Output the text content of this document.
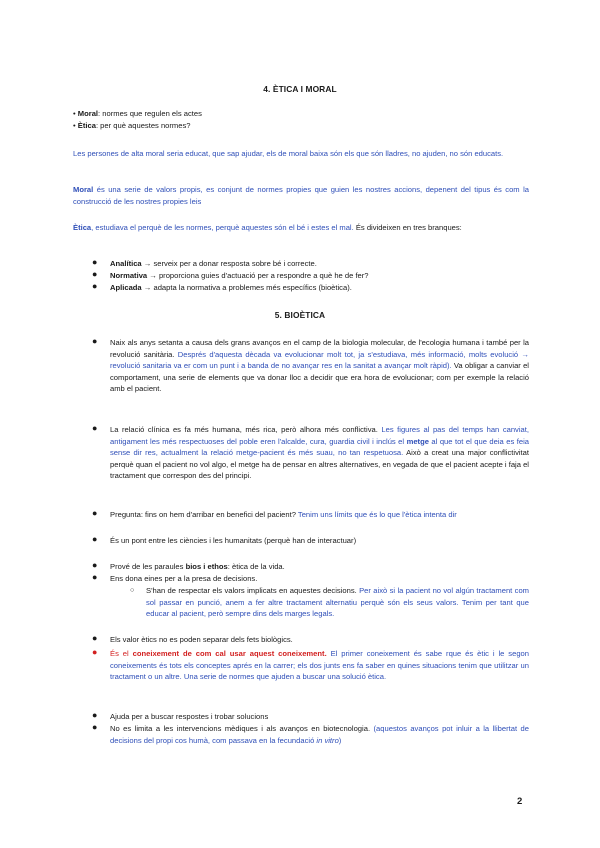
4. ÈTICA I MORAL
• Moral: normes que regulen els actes
• Ètica: per què aquestes normes?

Les persones de alta moral seria educat, que sap ajudar, els de moral baixa són els que són lladres, no ajuden, no són educats.

Moral és una serie de valors propis, es conjunt de normes propies que guien les nostres accions, depenent del tipus és com la construcció de les nostres propies leis

Ètica, estudiava el perquè de les normes, perquè aquestes són el bé i estes el mal. És divideixen en tres branques:

● Analítica → serveix per a donar resposta sobre bé i correcte.
● Normativa → proporciona guies d'actuació per a respondre a què he de fer?
● Aplicada → adapta la normativa a problemes més específics (bioètica).
5. BIOÈTICA
● Naix als anys setanta a causa dels grans avanços en el camp de la biologia molecular, de l'ecologia humana i també per la revolució sanitària. Després d'aquesta dècada va evolucionar molt tot, ja s'estudiava, més informació, molts evolució → revolució sanitaria va er com un punt i a banda de no avançar res en la sanitat a avançar molt ràpid). Va obligar a canviar el comportament, una serie de elements que va donar lloc a decidir que era hora de evolucionar; com per exemple la relació amb el pacient.

● La relació clínica es fa més humana, més rica, però alhora més conflictiva. Les figures al pas del temps han canviat, antigament les més respectuoses del poble eren l'alcalde, cura, guardia civil i inclús el metge al que tot el que deia es feia sense dir res, actualment la relació metge-pacient és més suau, no tan respetuosa. Això a creat una major conflictivitat perquè quan el pacient no vol algo, el metge ha de pensar en altres alternatives, en vegada de que el pacient acepte i faja el tractament que correspon des del principi.

● Pregunta: fins on hem d'arribar en benefici del pacient? Tenim uns límits que és lo que l'ètica intenta dir
● És un pont entre les ciències i les humanitats (perquè han de interactuar)
● Prové de les paraules bios i ethos: ètica de la vida.
● Ens dona eines per a la presa de decisions.
○ S'han de respectar els valors implicats en aquestes decisions. Per això si la pacient no vol algún tractament com sol passar en punció, anem a fer altre tractament alternatiu perquè són els seus valors. Tenim per tant que educar al pacient, però sempre dins dels marges legals.

● Els valor ètics no es poden separar dels fets biològics.
● És el coneixement de com cal usar aquest coneixement. El primer coneixement és sabe rque és ètic i le segon coneixements és tots els conceptes aprés en la carrer; els dos junts ens fa saber en quines situacions tenim que utilitzar un tractament o un altre. Una serie de normes que ajuden a buscar una solució ètica.

● Ajuda per a buscar respostes i trobar solucions
● No es limita a les intervencions mèdiques i als avanços en biotecnologia. (aquestos avanços pot inluir a la llibertat de decisions del propi cos humà, com passava en la fecundació in vitro)

2
